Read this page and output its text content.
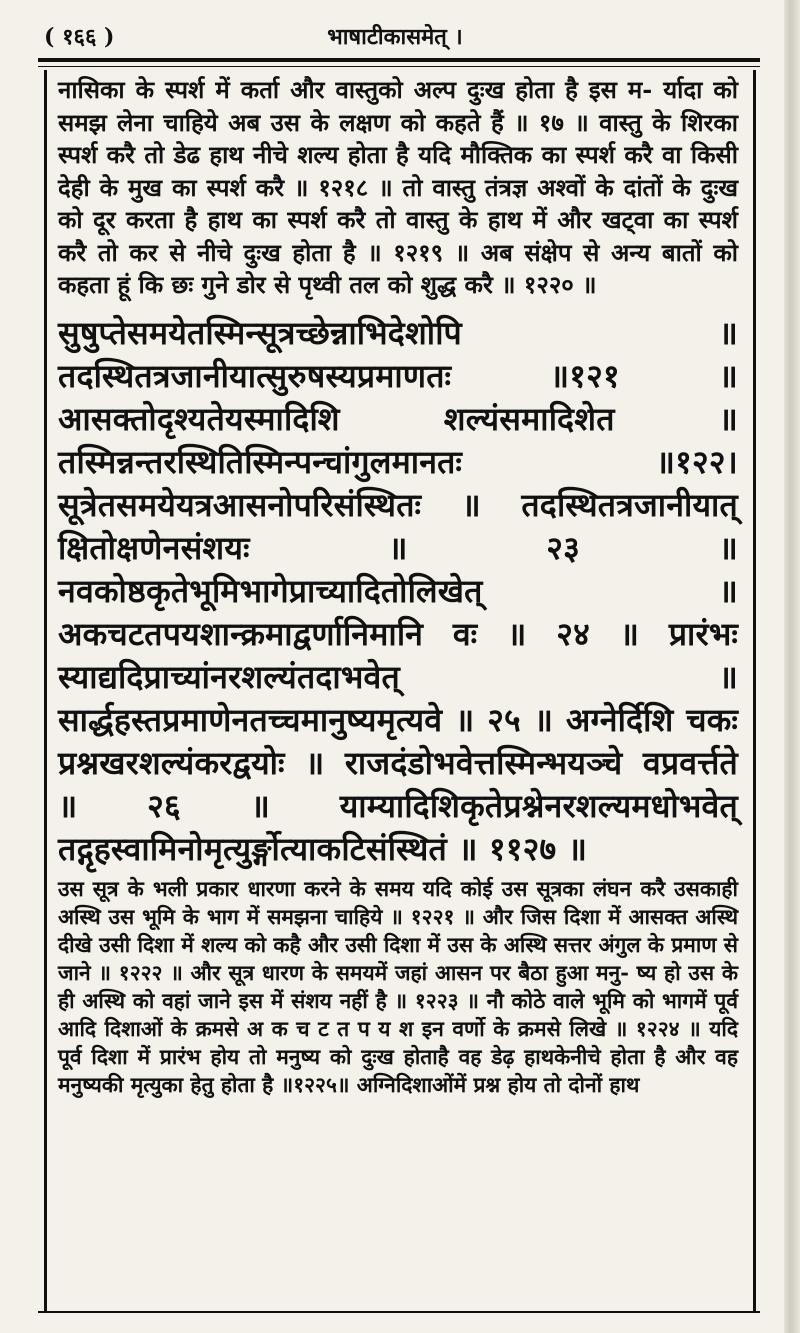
( १६६ )	भाषाटीकासमेत् ।

नासिका के स्पर्श में कर्ता और वास्तुको अल्प दुःख होता है इस म- र्यादा को समझ लेना चाहिये अब उस के लक्षण को कहते हैं ॥ १७ ॥ वास्तु के शिरका स्पर्श करै तो डेढ हाथ नीचे शल्य होता है यदि मौक्तिक का स्पर्श करै वा किसी देही के मुख का स्पर्श करै ॥ १२१८ ॥ तो वास्तु तंत्रज्ञ अश्वों के दांतों के दुःख को दूर करता है हाथ का स्पर्श करै तो वास्तु के हाथ में और खट्वा का स्पर्श करै तो कर से नीचे दुःख होता है ॥ १२१९ ॥ अब संक्षेप से अन्य बातों को कहता हूं कि छः गुने डोर से पृथ्वी तल को शुद्ध करै ॥ १२२० ॥

सुषुप्तेसमयेतस्मिन्सूत्रच्छेन्नाभिदेशोपि ॥ तदस्थितत्रजानीयात्सुरुषस्यप्रमाणतः ॥१२१ ॥ आसक्तोदृश्यतेयस्मादिशि शल्यंसमादिशेत ॥ तस्मिन्नन्तरस्थितिस्मिन्पन्चांगुलमानतः ॥१२२। सूत्रेतसमयेयत्रआसनोपरिसंस्थितः ॥ तदस्थितत्रजानीयात् क्षितोक्षणेनसंशयः ॥ २३ ॥ नवकोष्ठकृतेभूमिभागेप्राच्यादितोलिखेत् ॥ अकचटतपयशान्क्रमाद्वर्णानिमानि वः ॥ २४ ॥ प्रारंभः स्याद्यदिप्राच्यांनरशल्यंतदाभवेत् ॥ सार्द्धहस्तप्रमाणेनतच्चमानुष्यमृत्यवे ॥ २५ ॥ अग्नेर्दिशि चकः प्रश्नखरशल्यंकरद्वयोः ॥ राजदंडोभवेत्तस्मिन्भयञ्चे वप्रवर्त्तते ॥ २६ ॥ याम्यादिशिकृतेप्रश्नेनरशल्यमधोभवेत् तद्गृहस्वामिनोमृत्युर्ङ्गोत्याकटिसंस्थितं ॥ ११२७ ॥

उस सूत्र के भली प्रकार धारणा करने के समय यदि कोई उस सूत्रका लंघन करै उसकाही अस्थि उस भूमि के भाग में समझना चाहिये ॥ १२२१ ॥ और जिस दिशा में आसक्त अस्थि दीखे उसी दिशा में शल्य को कहै और उसी दिशा में उस के अस्थि सत्तर अंगुल के प्रमाण से जाने ॥ १२२२ ॥ और सूत्र धारण के समयमें जहां आसन पर बैठा हुआ मनु- ष्य हो उस के ही अस्थि को वहां जाने इस में संशय नहीं है ॥ १२२३ ॥ नौ कोठे वाले भूमि को भागमें पूर्व आदि दिशाओं के क्रमसे अ क च ट त प य श इन वर्णो के क्रमसे लिखे ॥ १२२४ ॥ यदि पूर्व दिशा में प्रारंभ होय तो मनुष्य को दुःख होताहै वह डेढ़ हाथकेनीचे होता है और वह मनुष्यकी मृत्युका हेतु होता है ॥१२२५॥ अग्निदिशाओंमें प्रश्न होय तो दोनों हाथ
